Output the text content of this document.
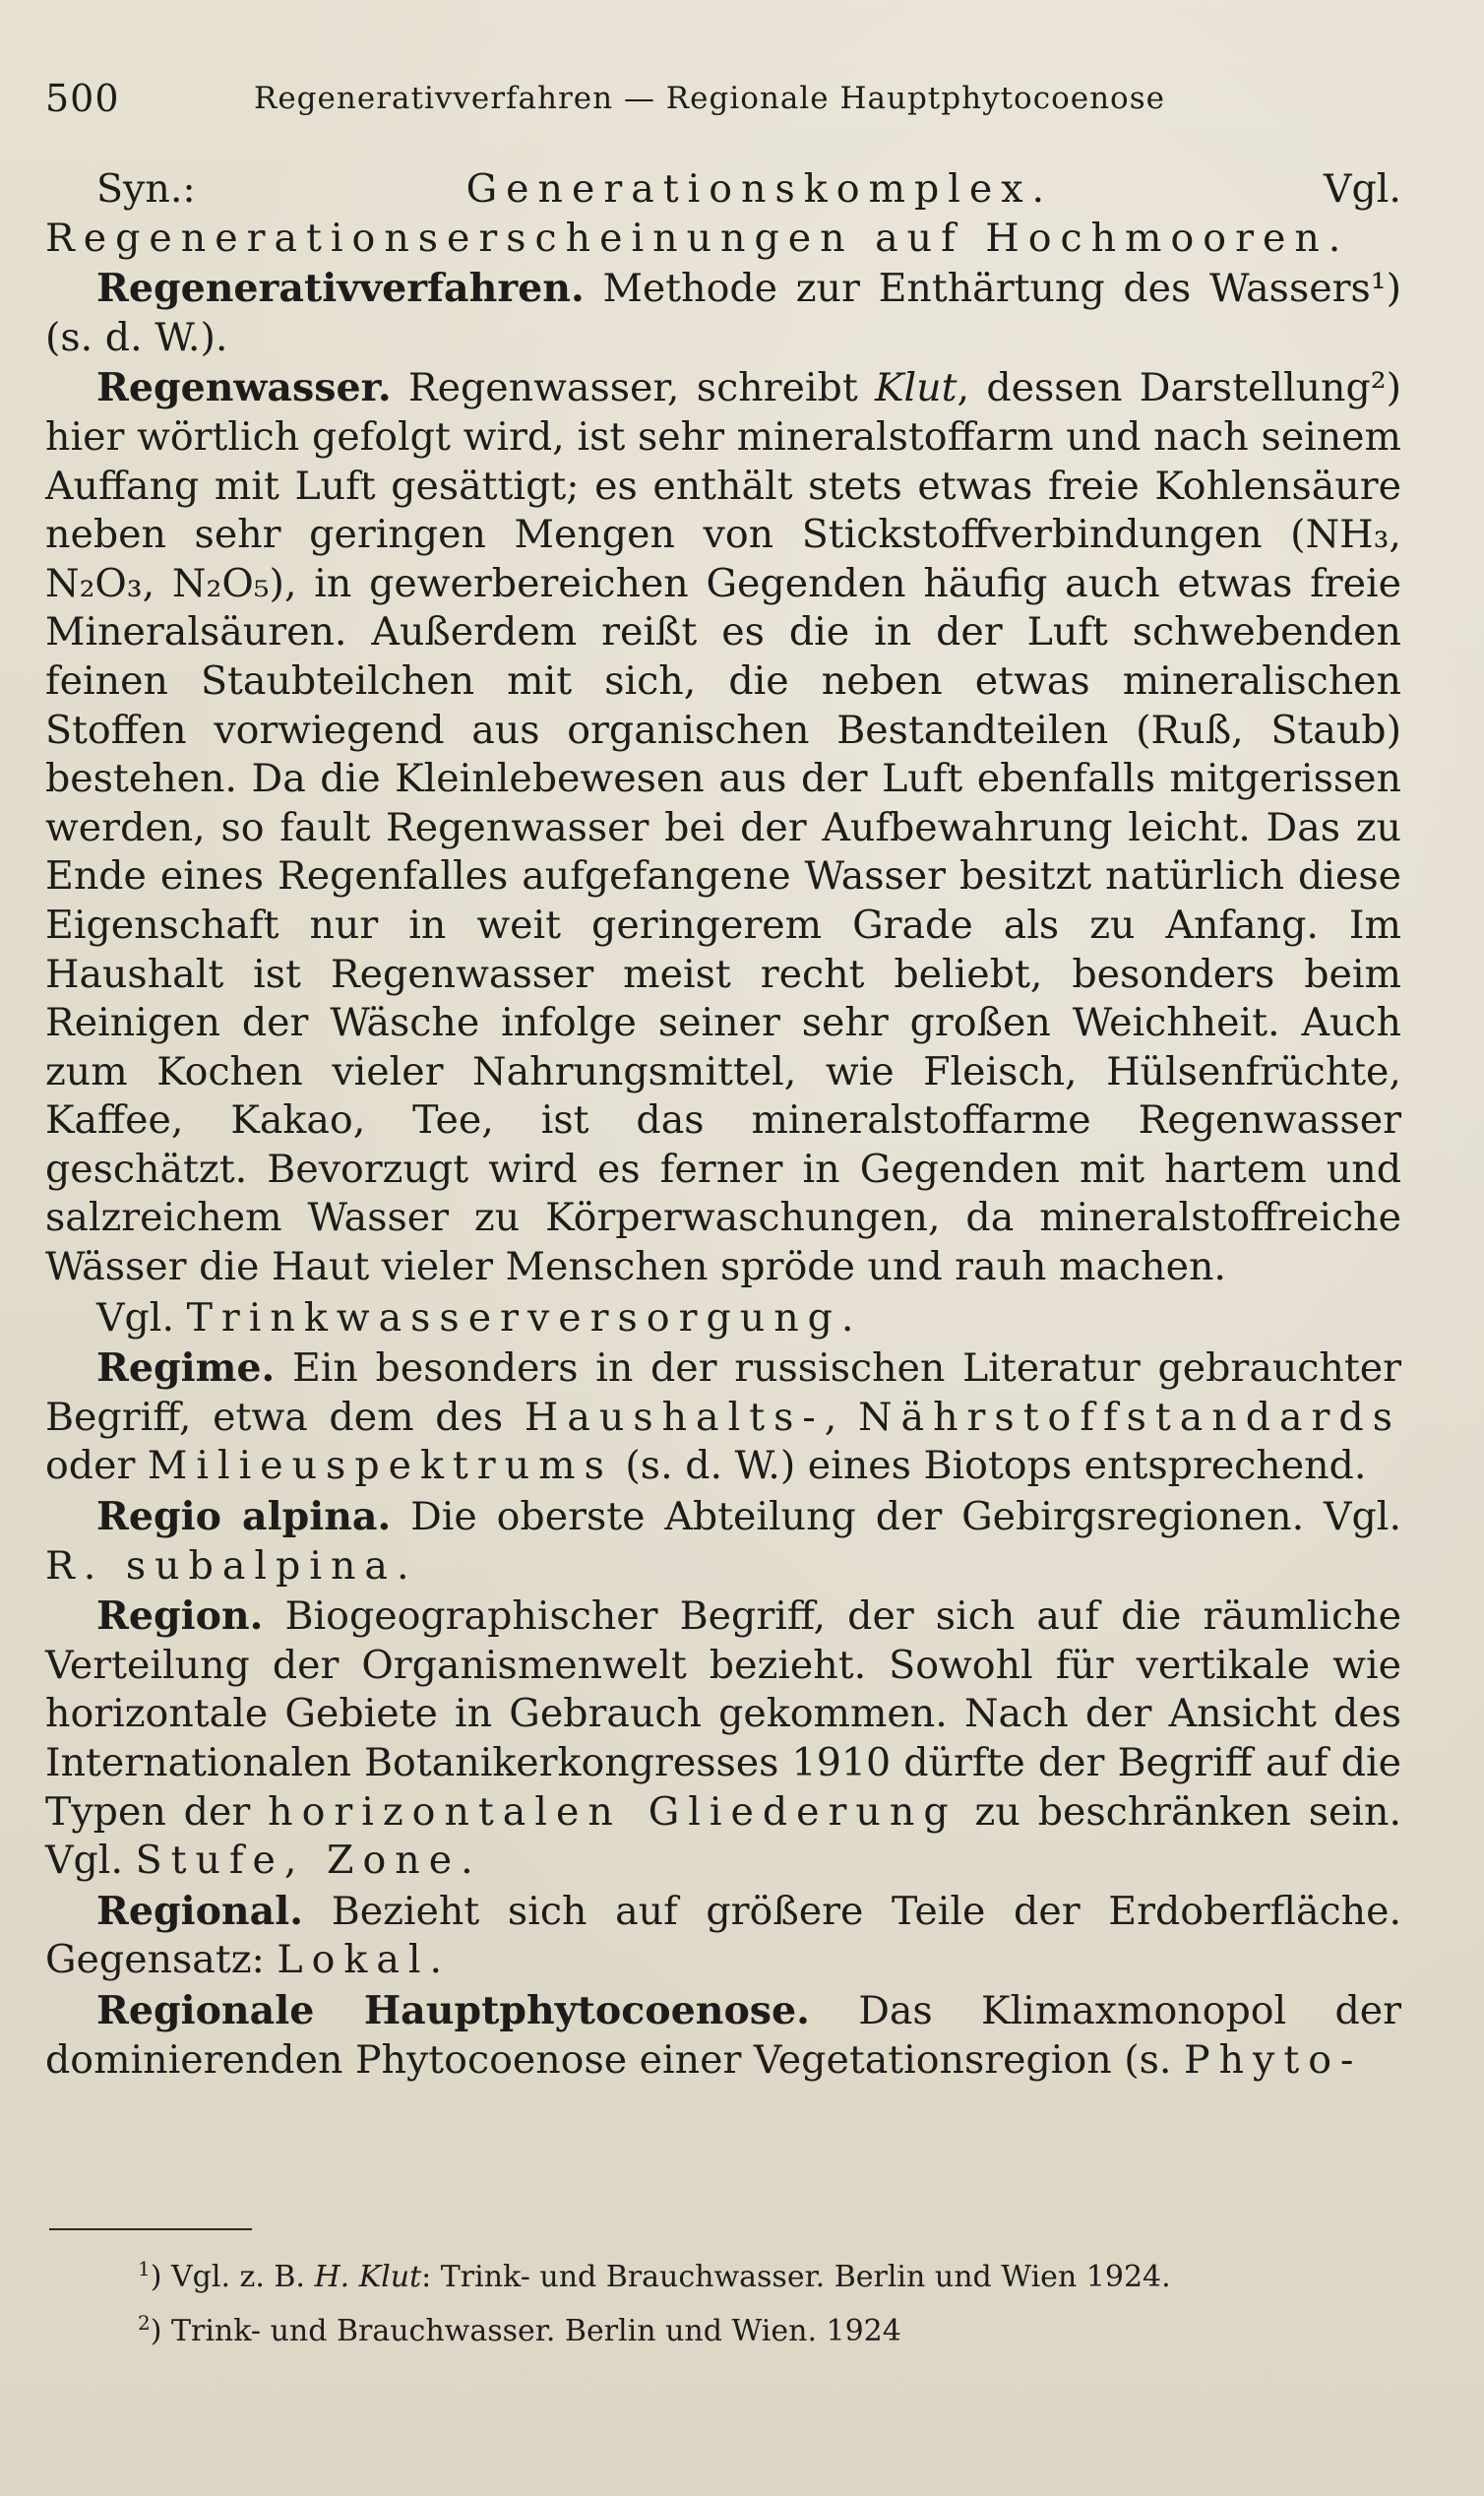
500	Regenerativverfahren — Regionale Hauptphytocoenose

Syn.: Generationskomplex. Vgl. Regenerationserscheinungen auf Hochmooren.

Regenerativverfahren. Methode zur Enthärtung des Wassers¹) (s. d. W.).

Regenwasser. Regenwasser, schreibt Klut, dessen Darstellung²) hier wörtlich gefolgt wird, ist sehr mineralstoffarm und nach seinem Auffang mit Luft gesättigt; es enthält stets etwas freie Kohlensäure neben sehr geringen Mengen von Stickstoffverbindungen (NH₃, N₂O₃, N₂O₅), in gewerbereichen Gegenden häufig auch etwas freie Mineralsäuren. Außerdem reißt es die in der Luft schwebenden feinen Staubteilchen mit sich, die neben etwas mineralischen Stoffen vorwiegend aus organischen Bestandteilen (Ruß, Staub) bestehen. Da die Kleinlebewesen aus der Luft ebenfalls mitgerissen werden, so fault Regenwasser bei der Aufbewahrung leicht. Das zu Ende eines Regenfalles aufgefangene Wasser besitzt natürlich diese Eigenschaft nur in weit geringerem Grade als zu Anfang. Im Haushalt ist Regenwasser meist recht beliebt, besonders beim Reinigen der Wäsche infolge seiner sehr großen Weichheit. Auch zum Kochen vieler Nahrungsmittel, wie Fleisch, Hülsenfrüchte, Kaffee, Kakao, Tee, ist das mineralstoffarme Regenwasser geschätzt. Bevorzugt wird es ferner in Gegenden mit hartem und salzreichem Wasser zu Körperwaschungen, da mineralstoffreiche Wässer die Haut vieler Menschen spröde und rauh machen.

Vgl. Trinkwasserversorgung.

Regime. Ein besonders in der russischen Literatur gebrauchter Begriff, etwa dem des Haushalts-, Nährstoffstandards oder Milieuspektrums (s. d. W.) eines Biotops entsprechend.

Regio alpina. Die oberste Abteilung der Gebirgsregionen. Vgl. R. subalpina.

Region. Biogeographischer Begriff, der sich auf die räumliche Verteilung der Organismenwelt bezieht. Sowohl für vertikale wie horizontale Gebiete in Gebrauch gekommen. Nach der Ansicht des Internationalen Botanikerkongresses 1910 dürfte der Begriff auf die Typen der horizontalen Gliederung zu beschränken sein. Vgl. Stufe, Zone.

Regional. Bezieht sich auf größere Teile der Erdoberfläche. Gegensatz: Lokal.

Regionale Hauptphytocoenose. Das Klimaxmonopol der dominierenden Phytocoenose einer Vegetationsregion (s. Phyto-

$^1$) Vgl. z. B. H. Klut: Trink- und Brauchwasser. Berlin und Wien 1924.
$^2$) Trink- und Brauchwasser. Berlin und Wien. 1924
